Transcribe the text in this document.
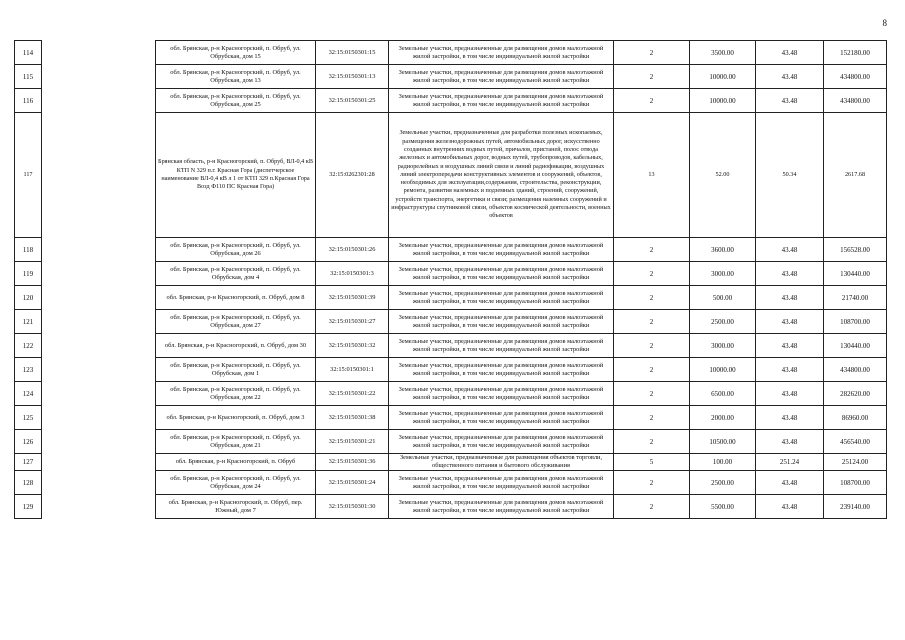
8
114		обл. Брянская, р-н Красногорский, п. Обруб, ул. Обрубская, дом 15	32:15:0150301:15	Земельные участки, предназначенные для размещения домов малоэтажной жилой застройки, в том числе индивидуальной жилой застройки	2	3500.00	43.48	152180.00
115		обл. Брянская, р-н Красногорский, п. Обруб, ул. Обрубская, дом 13	32:15:0150301:13	Земельные участки, предназначенные для размещения домов малоэтажной жилой застройки, в том числе индивидуальной жилой застройки	2	10000.00	43.48	434800.00
116		обл. Брянская, р-н Красногорский, п. Обруб, ул. Обрубская, дом 25	32:15:0150301:25	Земельные участки, предназначенные для размещения домов малоэтажной жилой застройки, в том числе индивидуальной жилой застройки	2	10000.00	43.48	434800.00
117		Брянская область, р-н Красногорский, п. Обруб, ВЛ-0,4 кВ КТП N 329 п.г. Красная Гора (диспетчерское наименование ВЛ-0,4 кВ л 1 от КТП 329 п.Красная Гора Возд Ф110 ПС Красная Гора)	32:15:0262301:28	Земельные участки, предназначенные для разработки полезных ископаемых, размещения железнодорожных путей, автомобильных дорог, искусственно созданных внутренних водных путей, причалов, пристаней, полос отвода железных и автомобильных дорог, водных путей, трубопроводов, кабельных, радиорелейных и воздушных линий связи и линий радиофикации, воздушных линий электропередачи конструктивных элементов и сооружений, объектов, необходимых для эксплуатации,содержания, строительства, реконструкции, ремонта, развития наземных и подземных зданий, строений, сооружений, устройств транспорта, энергетики и связи; размещения наземных сооружений и инфраструктуры спутниковой связи, объектов космической деятельности, военных объектов	13	52.00	50.34	2617.68
118		обл. Брянская, р-н Красногорский, п. Обруб, ул. Обрубская, дом 26	32:15:0150301:26	Земельные участки, предназначенные для размещения домов малоэтажной жилой застройки, в том числе индивидуальной жилой застройки	2	3600.00	43.48	156528.00
119		обл. Брянская, р-н Красногорский, п. Обруб, ул. Обрубская, дом 4	32:15:0150301:3	Земельные участки, предназначенные для размещения домов малоэтажной жилой застройки, в том числе индивидуальной жилой застройки	2	3000.00	43.48	130440.00
120		обл. Брянская, р-н Красногорский, п. Обруб, дом 8	32:15:0150301:39	Земельные участки, предназначенные для размещения домов малоэтажной жилой застройки, в том числе индивидуальной жилой застройки	2	500.00	43.48	21740.00
121		обл. Брянская, р-н Красногорский, п. Обруб, ул. Обрубская, дом 27	32:15:0150301:27	Земельные участки, предназначенные для размещения домов малоэтажной жилой застройки, в том числе индивидуальной жилой застройки	2	2500.00	43.48	108700.00
122		обл. Брянская, р-н Красногорский, п. Обруб, дом 30	32:15:0150301:32	Земельные участки, предназначенные для размещения домов малоэтажной жилой застройки, в том числе индивидуальной жилой застройки	2	3000.00	43.48	130440.00
123		обл. Брянская, р-н Красногорский, п. Обруб, ул. Обрубская, дом 1	32:15:0150301:1	Земельные участки, предназначенные для размещения домов малоэтажной жилой застройки, в том числе индивидуальной жилой застройки	2	10000.00	43.48	434800.00
124		обл. Брянская, р-н Красногорский, п. Обруб, ул. Обрубская, дом 22	32:15:0150301:22	Земельные участки, предназначенные для размещения домов малоэтажной жилой застройки, в том числе индивидуальной жилой застройки	2	6500.00	43.48	282620.00
125		обл. Брянская, р-н Красногорский, п. Обруб, дом 3	32:15:0150301:38	Земельные участки, предназначенные для размещения домов малоэтажной жилой застройки, в том числе индивидуальной жилой застройки	2	2000.00	43.48	86960.00
126		обл. Брянская, р-н Красногорский, п. Обруб, ул. Обрубская, дом 21	32:15:0150301:21	Земельные участки, предназначенные для размещения домов малоэтажной жилой застройки, в том числе индивидуальной жилой застройки	2	10500.00	43.48	456540.00
127		обл. Брянская, р-н Красногорский, п. Обруб	32:15:0150301:36	Земельные участки, предназначенные для размещения объектов торговли, общественного питания и бытового обслуживания	5	100.00	251.24	25124.00
128		обл. Брянская, р-н Красногорский, п. Обруб, ул. Обрубская, дом 24	32:15:0150301:24	Земельные участки, предназначенные для размещения домов малоэтажной жилой застройки, в том числе индивидуальной жилой застройки	2	2500.00	43.48	108700.00
129		обл. Брянская, р-н Красногорский, п. Обруб, пер. Южный, дом 7	32:15:0150301:30	Земельные участки, предназначенные для размещения домов малоэтажной жилой застройки, в том числе индивидуальной жилой застройки	2	5500.00	43.48	239140.00
